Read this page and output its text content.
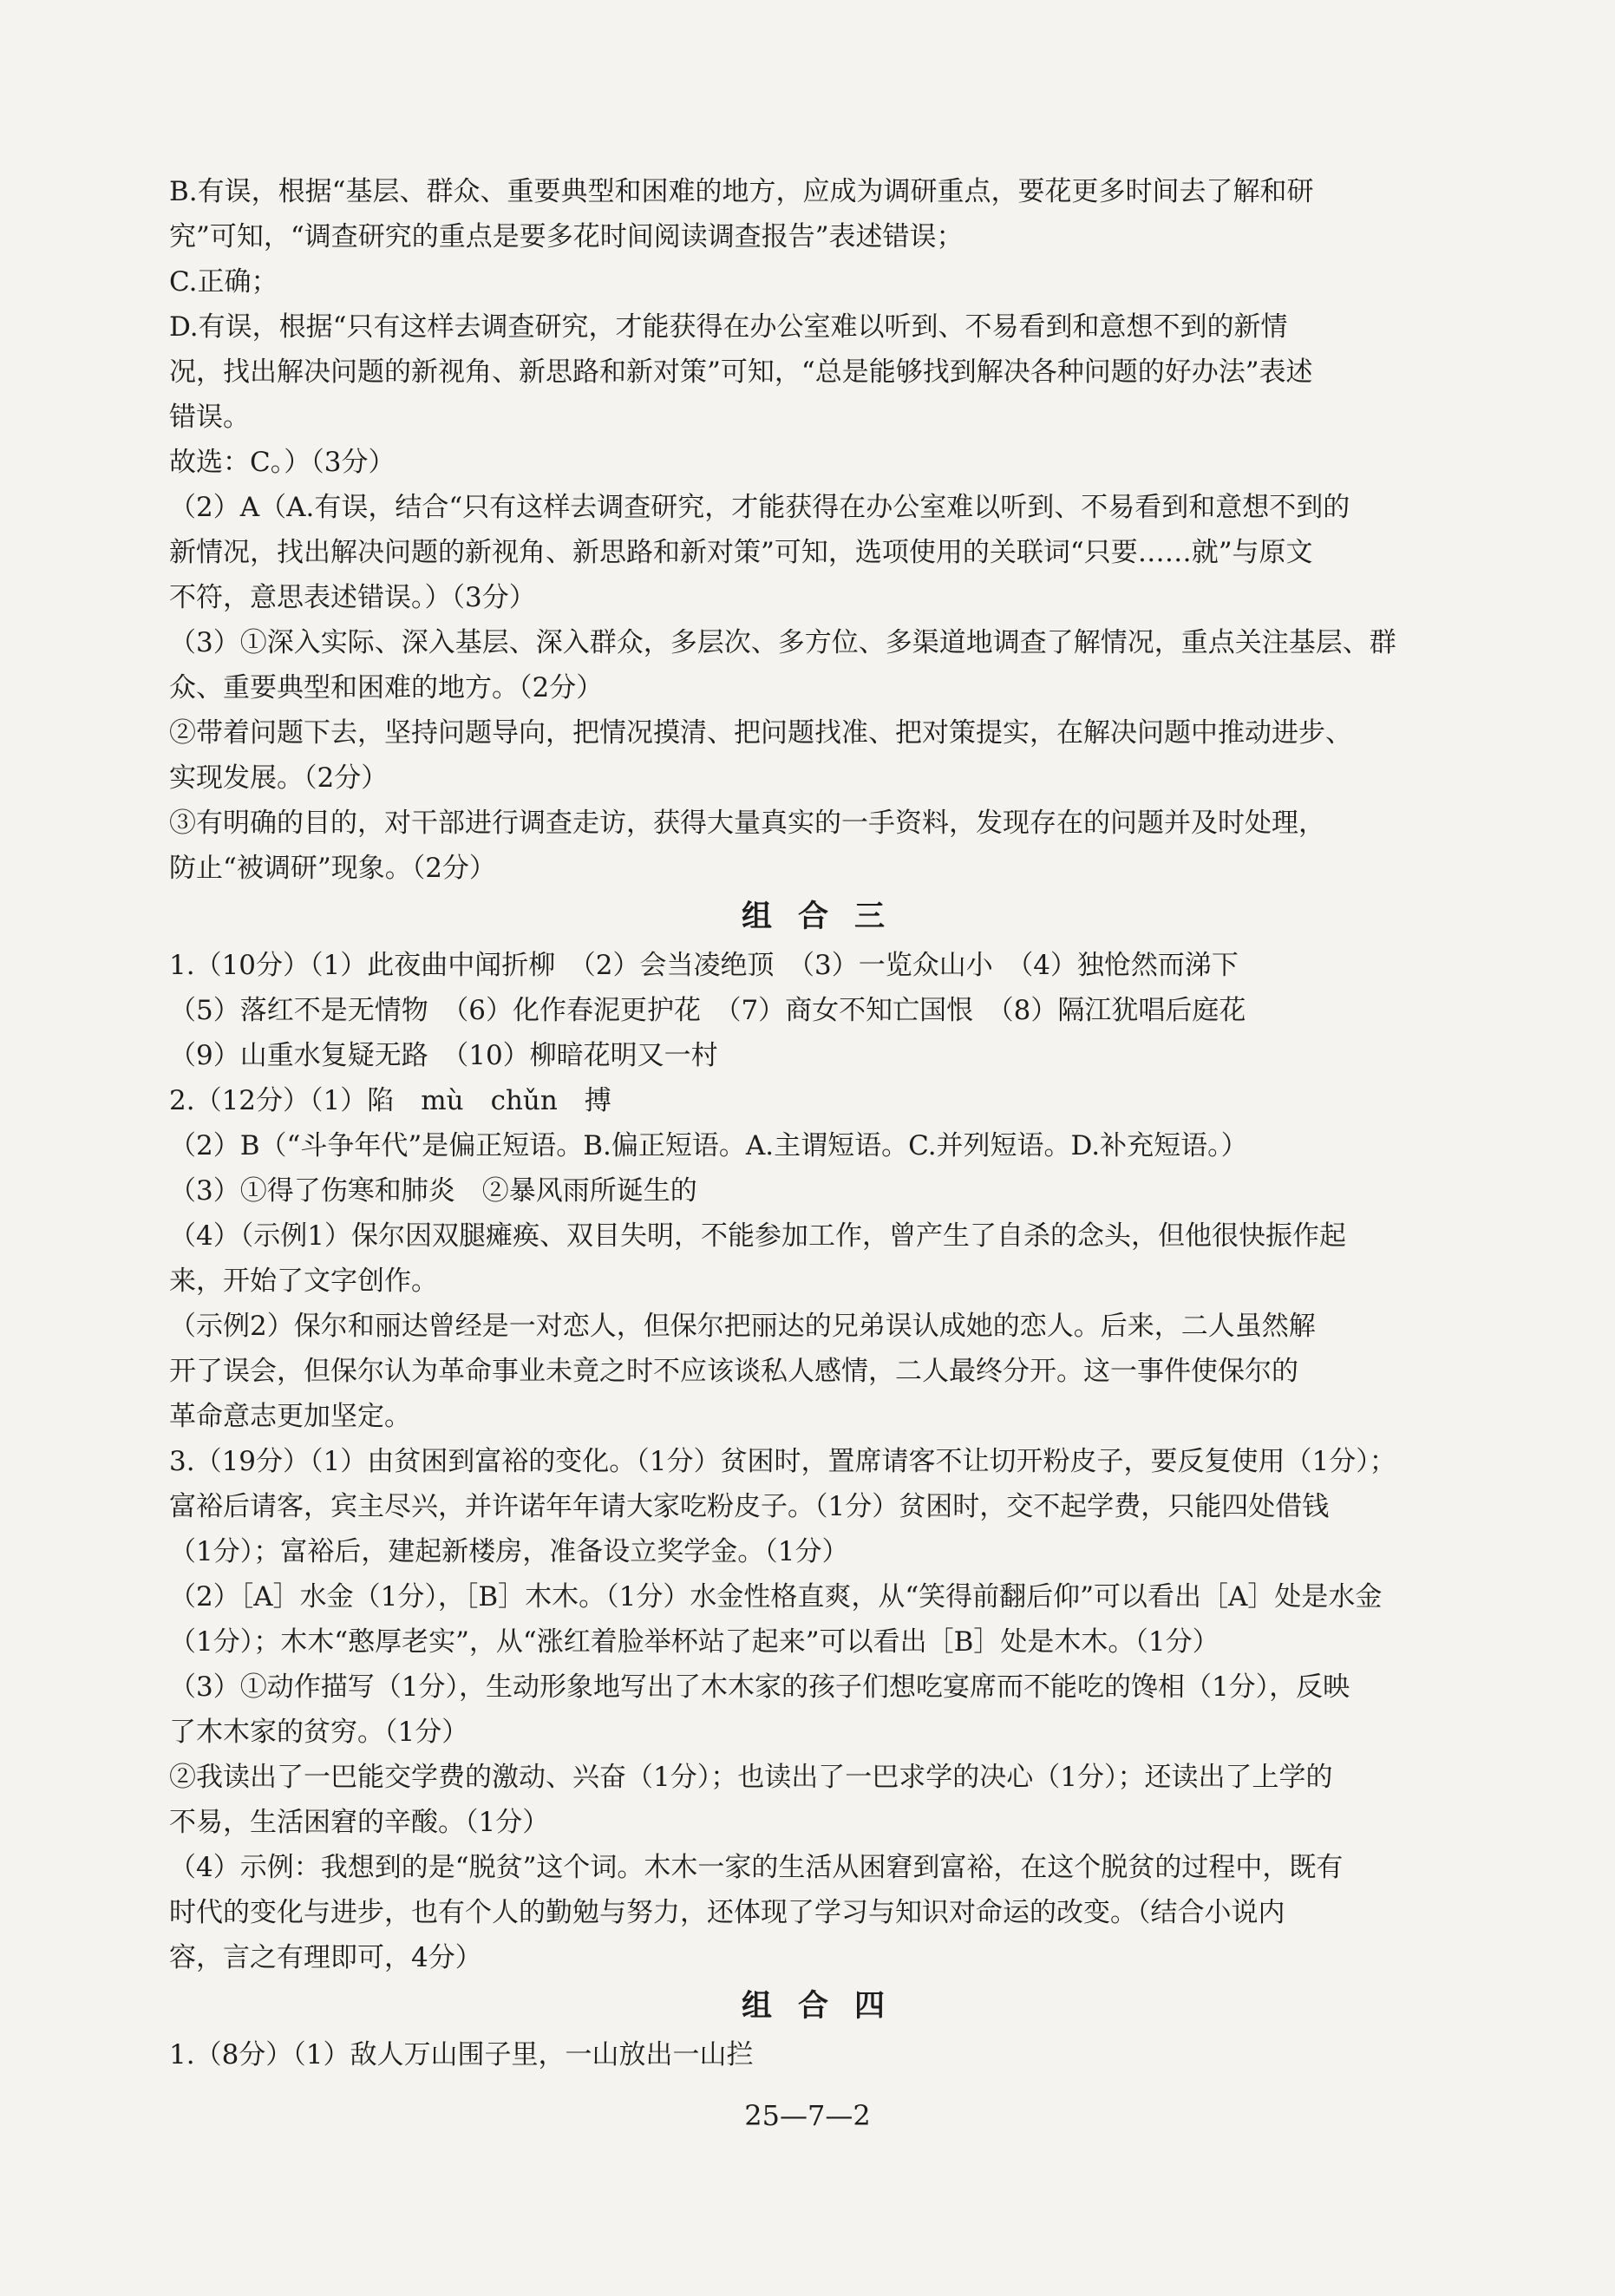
B.有误，根据“基层、群众、重要典型和困难的地方，应成为调研重点，要花更多时间去了解和研

究”可知，“调查研究的重点是要多花时间阅读调查报告”表述错误；

C.正确；

D.有误，根据“只有这样去调查研究，才能获得在办公室难以听到、不易看到和意想不到的新情

况，找出解决问题的新视角、新思路和新对策”可知，“总是能够找到解决各种问题的好办法”表述

错误。

故选：C。）（3分）

（2）A（A.有误，结合“只有这样去调查研究，才能获得在办公室难以听到、不易看到和意想不到的

新情况，找出解决问题的新视角、新思路和新对策”可知，选项使用的关联词“只要……就”与原文

不符，意思表述错误。）（3分）

（3）①深入实际、深入基层、深入群众，多层次、多方位、多渠道地调查了解情况，重点关注基层、群

众、重要典型和困难的地方。（2分）

②带着问题下去，坚持问题导向，把情况摸清、把问题找准、把对策提实，在解决问题中推动进步、

实现发展。（2分）

③有明确的目的，对干部进行调查走访，获得大量真实的一手资料，发现存在的问题并及时处理，

防止“被调研”现象。（2分）

组合三

1.（10分）（1）此夜曲中闻折柳　（2）会当凌绝顶　（3）一览众山小　（4）独怆然而涕下

（5）落红不是无情物　（6）化作春泥更护花　（7）商女不知亡国恨　（8）隔江犹唱后庭花

（9）山重水复疑无路　（10）柳暗花明又一村

2.（12分）（1）陷　mù　chǔn　搏

（2）B（“斗争年代”是偏正短语。B.偏正短语。A.主谓短语。C.并列短语。D.补充短语。）

（3）①得了伤寒和肺炎　②暴风雨所诞生的

（4）（示例1）保尔因双腿瘫痪、双目失明，不能参加工作，曾产生了自杀的念头，但他很快振作起

来，开始了文字创作。

（示例2）保尔和丽达曾经是一对恋人，但保尔把丽达的兄弟误认成她的恋人。后来，二人虽然解

开了误会，但保尔认为革命事业未竟之时不应该谈私人感情，二人最终分开。这一事件使保尔的

革命意志更加坚定。

3.（19分）（1）由贫困到富裕的变化。（1分）贫困时，置席请客不让切开粉皮子，要反复使用（1分）；

富裕后请客，宾主尽兴，并许诺年年请大家吃粉皮子。（1分）贫困时，交不起学费，只能四处借钱

（1分）；富裕后，建起新楼房，准备设立奖学金。（1分）

（2）［A］水金（1分），［B］木木。（1分）水金性格直爽，从“笑得前翻后仰”可以看出［A］处是水金

（1分）；木木“憨厚老实”，从“涨红着脸举杯站了起来”可以看出［B］处是木木。（1分）

（3）①动作描写（1分），生动形象地写出了木木家的孩子们想吃宴席而不能吃的馋相（1分），反映

了木木家的贫穷。（1分）

②我读出了一巴能交学费的激动、兴奋（1分）；也读出了一巴求学的决心（1分）；还读出了上学的

不易，生活困窘的辛酸。（1分）

（4）示例：我想到的是“脱贫”这个词。木木一家的生活从困窘到富裕，在这个脱贫的过程中，既有

时代的变化与进步，也有个人的勤勉与努力，还体现了学习与知识对命运的改变。（结合小说内

容，言之有理即可，4分）

组合四

1.（8分）（1）敌人万山围子里，一山放出一山拦

25—7—2
